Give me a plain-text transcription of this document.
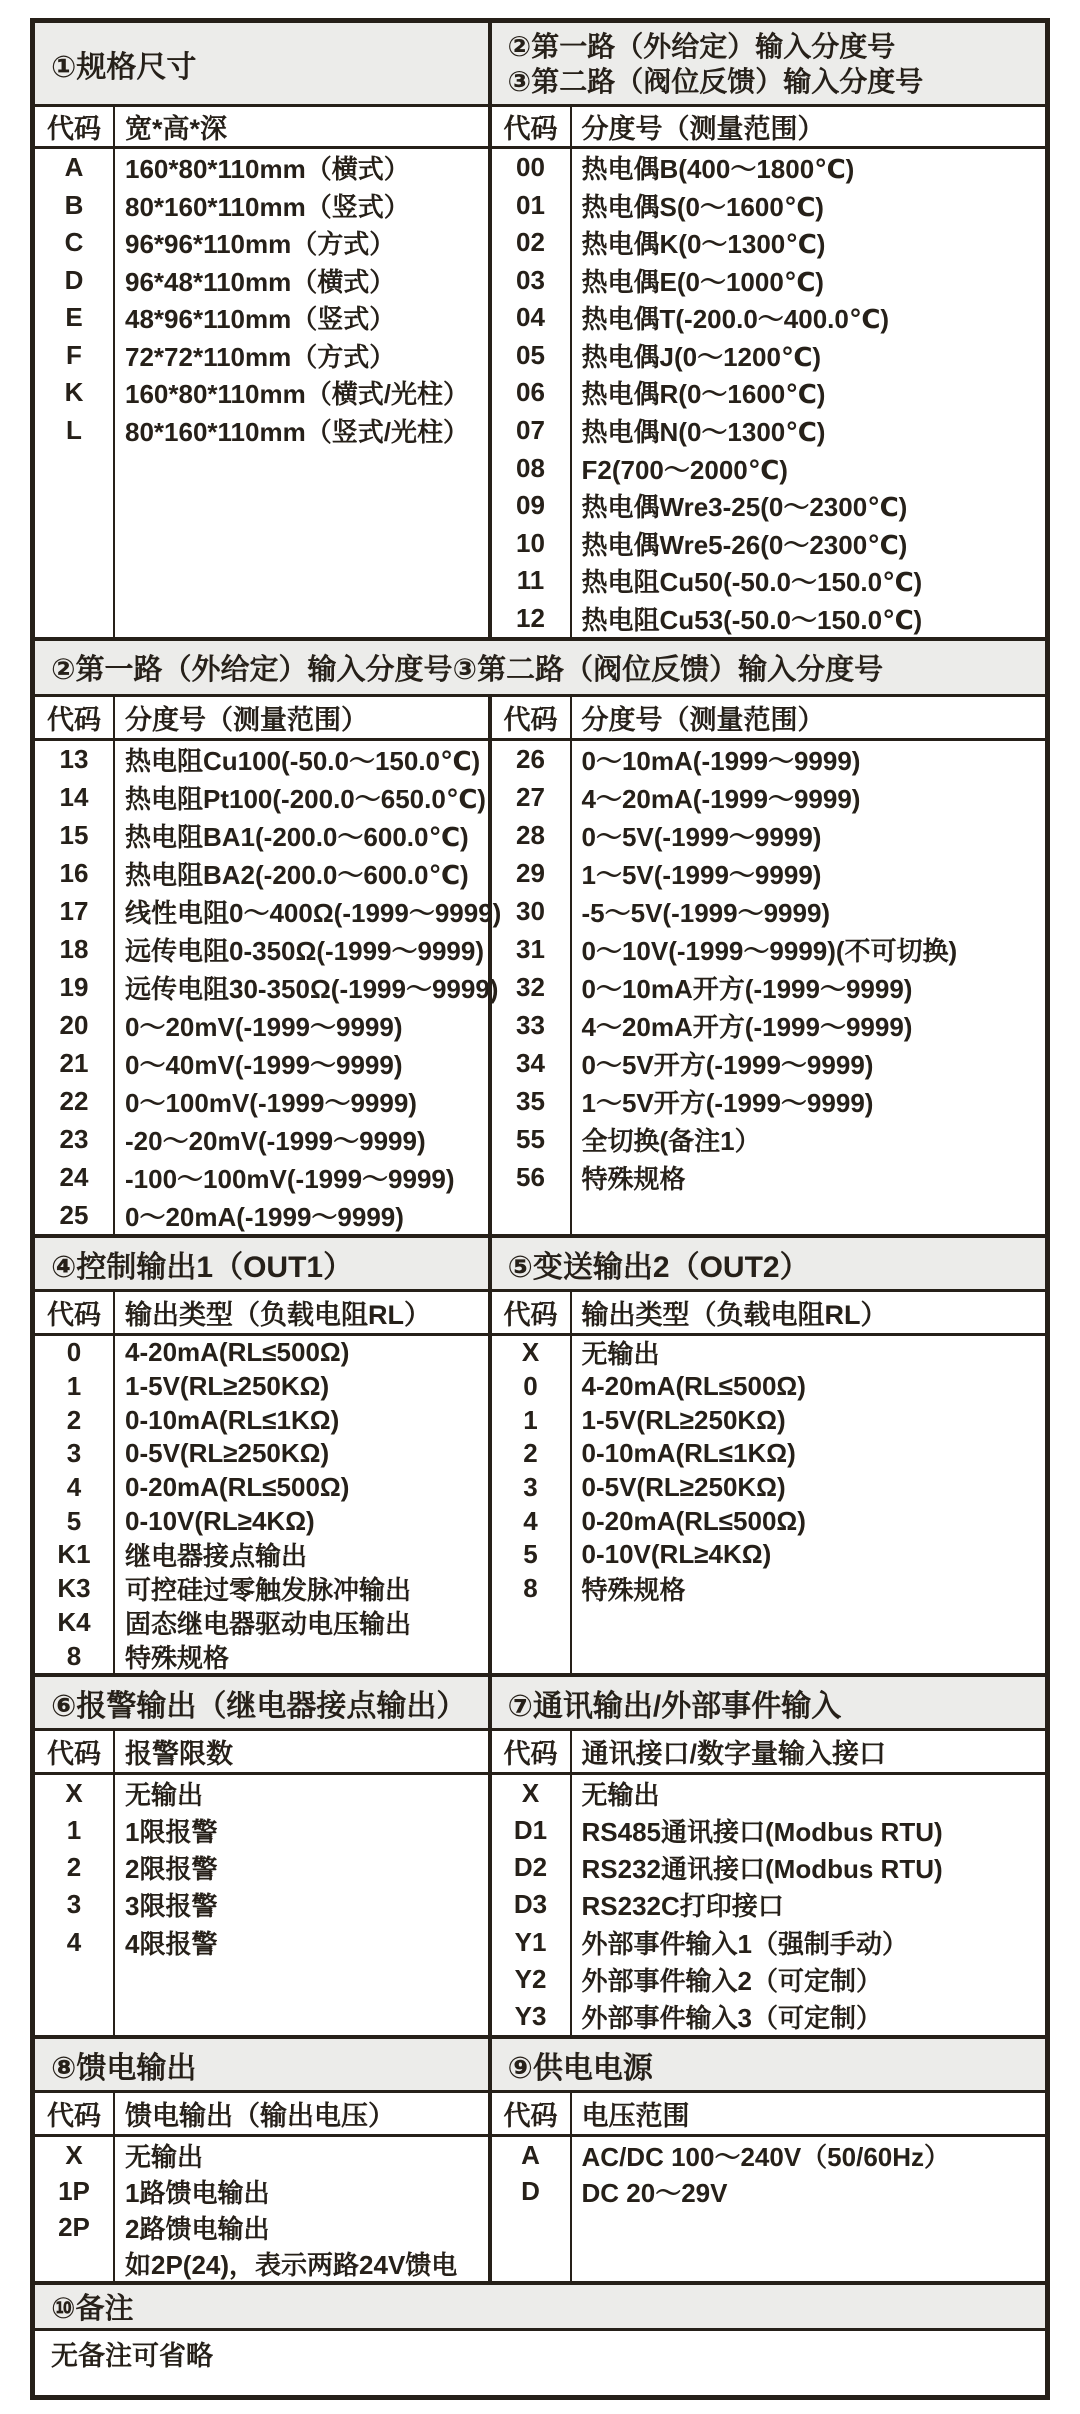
①规格尺寸
代码 宽*高*深
A	160*80*110mm（横式）
B	80*160*110mm（竖式）
C	96*96*110mm（方式）
D	96*48*110mm（横式）
E	48*96*110mm（竖式）
F	72*72*110mm（方式）
K	160*80*110mm（横式/光柱）
L	80*160*110mm（竖式/光柱）
②第一路（外给定）输入分度号
③第二路（阀位反馈）输入分度号
代码 分度号（测量范围）
00	热电偶B(400～1800℃)
01	热电偶S(0～1600℃)
02	热电偶K(0～1300℃)
03	热电偶E(0～1000℃)
04	热电偶T(-200.0～400.0℃)
05	热电偶J(0～1200℃)
06	热电偶R(0～1600℃)
07	热电偶N(0～1300℃)
08	F2(700～2000℃)
09	热电偶Wre3-25(0～2300℃)
10	热电偶Wre5-26(0～2300℃)
11	热电阻Cu50(-50.0～150.0℃)
12	热电阻Cu53(-50.0～150.0℃)
②第一路（外给定）输入分度号③第二路（阀位反馈）输入分度号
代码 分度号（测量范围）
13	热电阻Cu100(-50.0～150.0℃)
14	热电阻Pt100(-200.0～650.0℃)
15	热电阻BA1(-200.0～600.0℃)
16	热电阻BA2(-200.0～600.0℃)
17	线性电阻0～400Ω(-1999～9999)
18	远传电阻0-350Ω(-1999～9999)
19	远传电阻30-350Ω(-1999～9999)
20	0～20mV(-1999～9999)
21	0～40mV(-1999～9999)
22	0～100mV(-1999～9999)
23	-20～20mV(-1999～9999)
24	-100～100mV(-1999～9999)
25	0～20mA(-1999～9999)
代码 分度号（测量范围）
26	0～10mA(-1999～9999)
27	4～20mA(-1999～9999)
28	0～5V(-1999～9999)
29	1～5V(-1999～9999)
30	-5～5V(-1999～9999)
31	0～10V(-1999～9999)(不可切换)
32	0～10mA开方(-1999～9999)
33	4～20mA开方(-1999～9999)
34	0～5V开方(-1999～9999)
35	1～5V开方(-1999～9999)
55	全切换(备注1）
56	特殊规格
④控制输出1（OUT1）
代码 输出类型（负载电阻RL）
0	4-20mA(RL≤500Ω)
1	1-5V(RL≥250KΩ)
2	0-10mA(RL≤1KΩ)
3	0-5V(RL≥250KΩ)
4	0-20mA(RL≤500Ω)
5	0-10V(RL≥4KΩ)
K1	继电器接点输出
K3	可控硅过零触发脉冲输出
K4	固态继电器驱动电压输出
8	特殊规格
⑤变送输出2（OUT2）
代码 输出类型（负载电阻RL）
X	无输出
0	4-20mA(RL≤500Ω)
1	1-5V(RL≥250KΩ)
2	0-10mA(RL≤1KΩ)
3	0-5V(RL≥250KΩ)
4	0-20mA(RL≤500Ω)
5	0-10V(RL≥4KΩ)
8	特殊规格
⑥报警输出（继电器接点输出）
代码 报警限数
X	无输出
1	1限报警
2	2限报警
3	3限报警
4	4限报警
⑦通讯输出/外部事件输入
代码 通讯接口/数字量输入接口
X	无输出
D1	RS485通讯接口(Modbus RTU)
D2	RS232通讯接口(Modbus RTU)
D3	RS232C打印接口
Y1	外部事件输入1（强制手动）
Y2	外部事件输入2（可定制）
Y3	外部事件输入3（可定制）
⑧馈电输出
代码 馈电输出（输出电压）
X	无输出
1P	1路馈电输出
2P	2路馈电输出
如2P(24)，表示两路24V馈电
⑨供电电源
代码 电压范围
A	AC/DC 100～240V（50/60Hz）
D	DC 20～29V
⑩备注
无备注可省略
